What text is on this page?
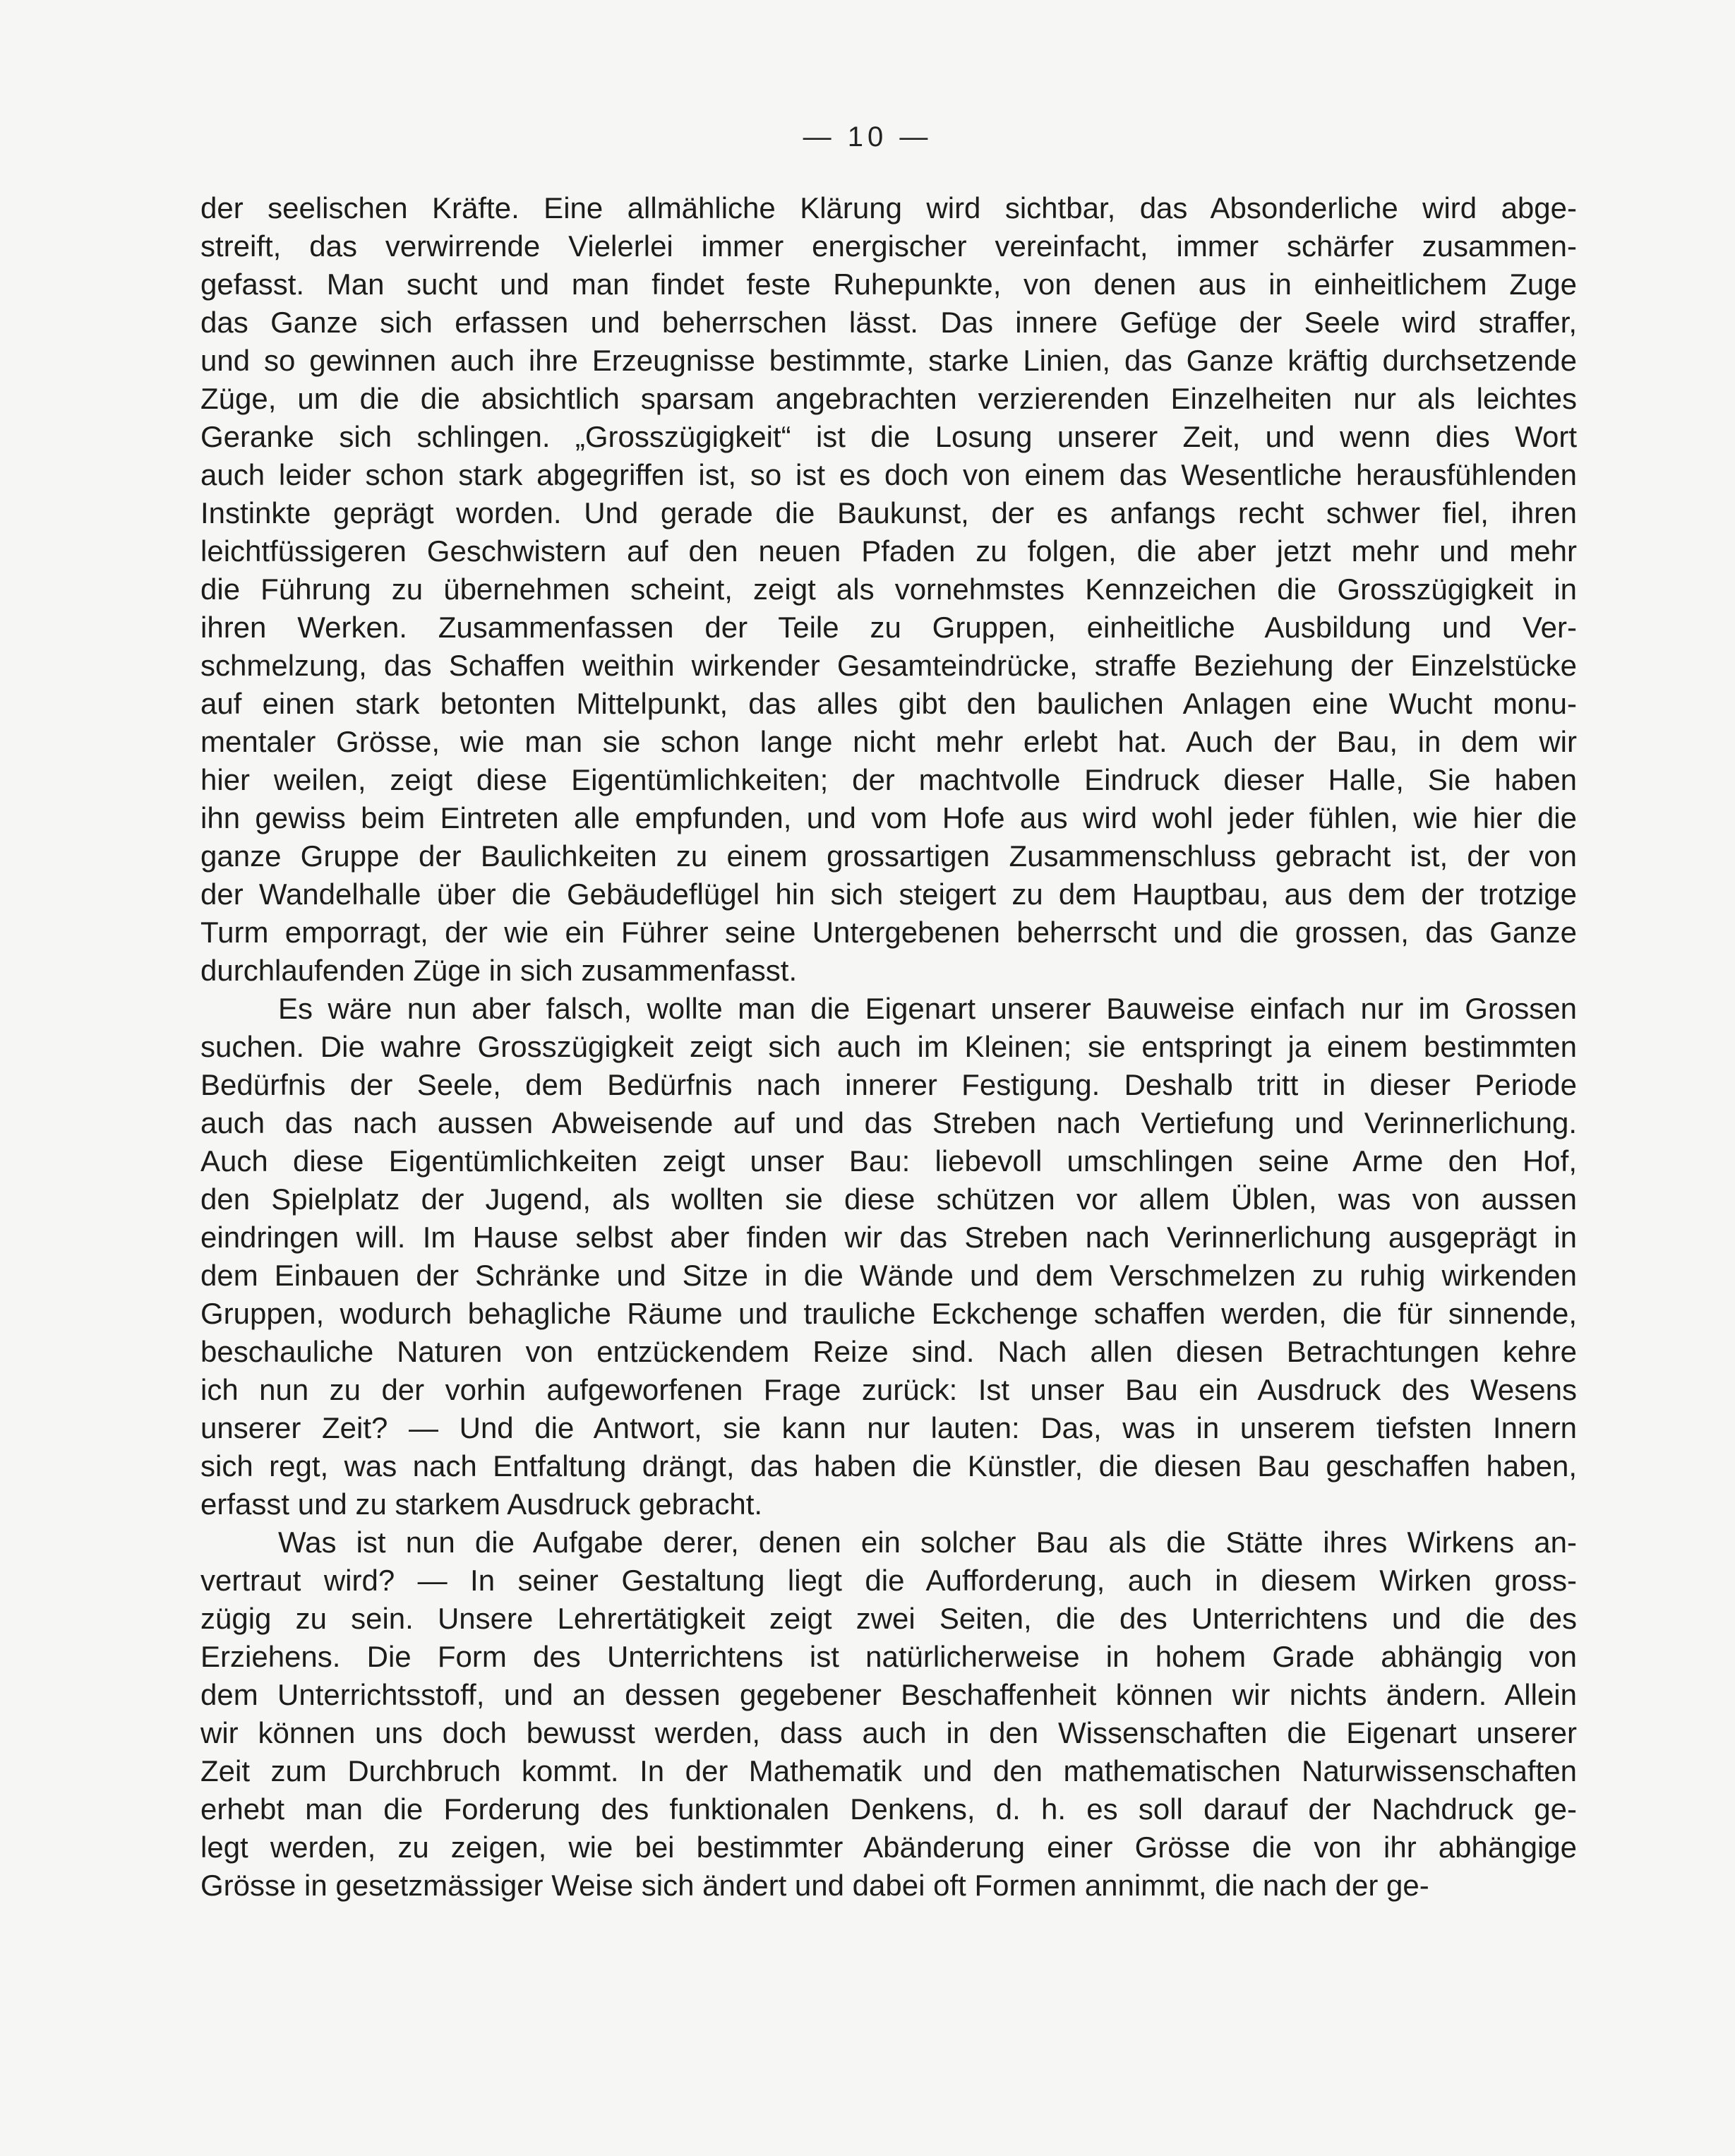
— 10 —
der seelischen Kräfte. Eine allmähliche Klärung wird sichtbar, das Absonderliche wird abge-
streift, das verwirrende Vielerlei immer energischer vereinfacht, immer schärfer zusammen-
gefasst. Man sucht und man findet feste Ruhepunkte, von denen aus in einheitlichem Zuge
das Ganze sich erfassen und beherrschen lässt. Das innere Gefüge der Seele wird straffer,
und so gewinnen auch ihre Erzeugnisse bestimmte, starke Linien, das Ganze kräftig durchsetzende
Züge, um die die absichtlich sparsam angebrachten verzierenden Einzelheiten nur als leichtes
Geranke sich schlingen. „Grosszügigkeit“ ist die Losung unserer Zeit, und wenn dies Wort
auch leider schon stark abgegriffen ist, so ist es doch von einem das Wesentliche herausfühlenden
Instinkte geprägt worden. Und gerade die Baukunst, der es anfangs recht schwer fiel, ihren
leichtfüssigeren Geschwistern auf den neuen Pfaden zu folgen, die aber jetzt mehr und mehr
die Führung zu übernehmen scheint, zeigt als vornehmstes Kennzeichen die Grosszügigkeit in
ihren Werken. Zusammenfassen der Teile zu Gruppen, einheitliche Ausbildung und Ver-
schmelzung, das Schaffen weithin wirkender Gesamteindrücke, straffe Beziehung der Einzelstücke
auf einen stark betonten Mittelpunkt, das alles gibt den baulichen Anlagen eine Wucht monu-
mentaler Grösse, wie man sie schon lange nicht mehr erlebt hat. Auch der Bau, in dem wir
hier weilen, zeigt diese Eigentümlichkeiten; der machtvolle Eindruck dieser Halle, Sie haben
ihn gewiss beim Eintreten alle empfunden, und vom Hofe aus wird wohl jeder fühlen, wie hier die
ganze Gruppe der Baulichkeiten zu einem grossartigen Zusammenschluss gebracht ist, der von
der Wandelhalle über die Gebäudeflügel hin sich steigert zu dem Hauptbau, aus dem der trotzige
Turm emporragt, der wie ein Führer seine Untergebenen beherrscht und die grossen, das Ganze
durchlaufenden Züge in sich zusammenfasst.
Es wäre nun aber falsch, wollte man die Eigenart unserer Bauweise einfach nur im Grossen
suchen. Die wahre Grosszügigkeit zeigt sich auch im Kleinen; sie entspringt ja einem bestimmten
Bedürfnis der Seele, dem Bedürfnis nach innerer Festigung. Deshalb tritt in dieser Periode
auch das nach aussen Abweisende auf und das Streben nach Vertiefung und Verinnerlichung.
Auch diese Eigentümlichkeiten zeigt unser Bau: liebevoll umschlingen seine Arme den Hof,
den Spielplatz der Jugend, als wollten sie diese schützen vor allem Üblen, was von aussen
eindringen will. Im Hause selbst aber finden wir das Streben nach Verinnerlichung ausgeprägt in
dem Einbauen der Schränke und Sitze in die Wände und dem Verschmelzen zu ruhig wirkenden
Gruppen, wodurch behagliche Räume und trauliche Eckchenge schaffen werden, die für sinnende,
beschauliche Naturen von entzückendem Reize sind. Nach allen diesen Betrachtungen kehre
ich nun zu der vorhin aufgeworfenen Frage zurück: Ist unser Bau ein Ausdruck des Wesens
unserer Zeit? — Und die Antwort, sie kann nur lauten: Das, was in unserem tiefsten Innern
sich regt, was nach Entfaltung drängt, das haben die Künstler, die diesen Bau geschaffen haben,
erfasst und zu starkem Ausdruck gebracht.
Was ist nun die Aufgabe derer, denen ein solcher Bau als die Stätte ihres Wirkens an-
vertraut wird? — In seiner Gestaltung liegt die Aufforderung, auch in diesem Wirken gross-
zügig zu sein. Unsere Lehrertätigkeit zeigt zwei Seiten, die des Unterrichtens und die des
Erziehens. Die Form des Unterrichtens ist natürlicherweise in hohem Grade abhängig von
dem Unterrichtsstoff, und an dessen gegebener Beschaffenheit können wir nichts ändern. Allein
wir können uns doch bewusst werden, dass auch in den Wissenschaften die Eigenart unserer
Zeit zum Durchbruch kommt. In der Mathematik und den mathematischen Naturwissenschaften
erhebt man die Forderung des funktionalen Denkens, d. h. es soll darauf der Nachdruck ge-
legt werden, zu zeigen, wie bei bestimmter Abänderung einer Grösse die von ihr abhängige
Grösse in gesetzmässiger Weise sich ändert und dabei oft Formen annimmt, die nach der ge-
